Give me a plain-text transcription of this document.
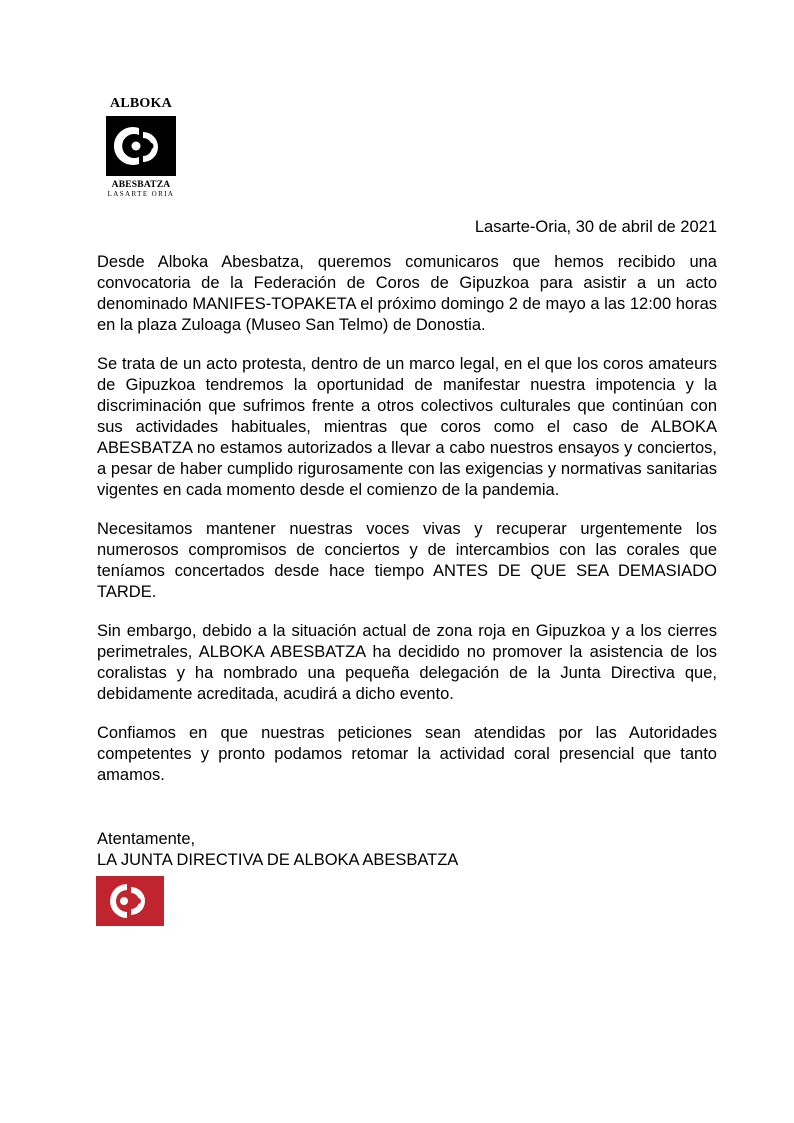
ALBOKA
ABESBATZA
LASARTE ORIA
Lasarte-Oria, 30 de abril de 2021

Desde Alboka Abesbatza, queremos comunicaros que hemos recibido una convocatoria de la Federación de Coros de Gipuzkoa para asistir a un acto denominado MANIFES-TOPAKETA el próximo domingo 2 de mayo a las 12:00 horas en la plaza Zuloaga (Museo San Telmo) de Donostia.

Se trata de un acto protesta, dentro de un marco legal, en el que los coros amateurs de Gipuzkoa tendremos la oportunidad de manifestar nuestra impotencia y la discriminación que sufrimos frente a otros colectivos culturales que continúan con sus actividades habituales, mientras que coros como el caso de ALBOKA ABESBATZA no estamos autorizados a llevar a cabo nuestros ensayos y conciertos, a pesar de haber cumplido rigurosamente con las exigencias y normativas sanitarias vigentes en cada momento desde el comienzo de la pandemia.

Necesitamos mantener nuestras voces vivas y recuperar urgentemente los numerosos compromisos de conciertos y de intercambios con las corales que teníamos concertados desde hace tiempo ANTES DE QUE SEA DEMASIADO TARDE.

Sin embargo, debido a la situación actual de zona roja en Gipuzkoa y a los cierres perimetrales, ALBOKA ABESBATZA ha decidido no promover la asistencia de los coralistas y ha nombrado una pequeña delegación de la Junta Directiva que, debidamente acreditada, acudirá a dicho evento.

Confiamos en que nuestras peticiones sean atendidas por las Autoridades competentes y pronto podamos retomar la actividad coral presencial que tanto amamos.

Atentamente,
LA JUNTA DIRECTIVA DE ALBOKA ABESBATZA
